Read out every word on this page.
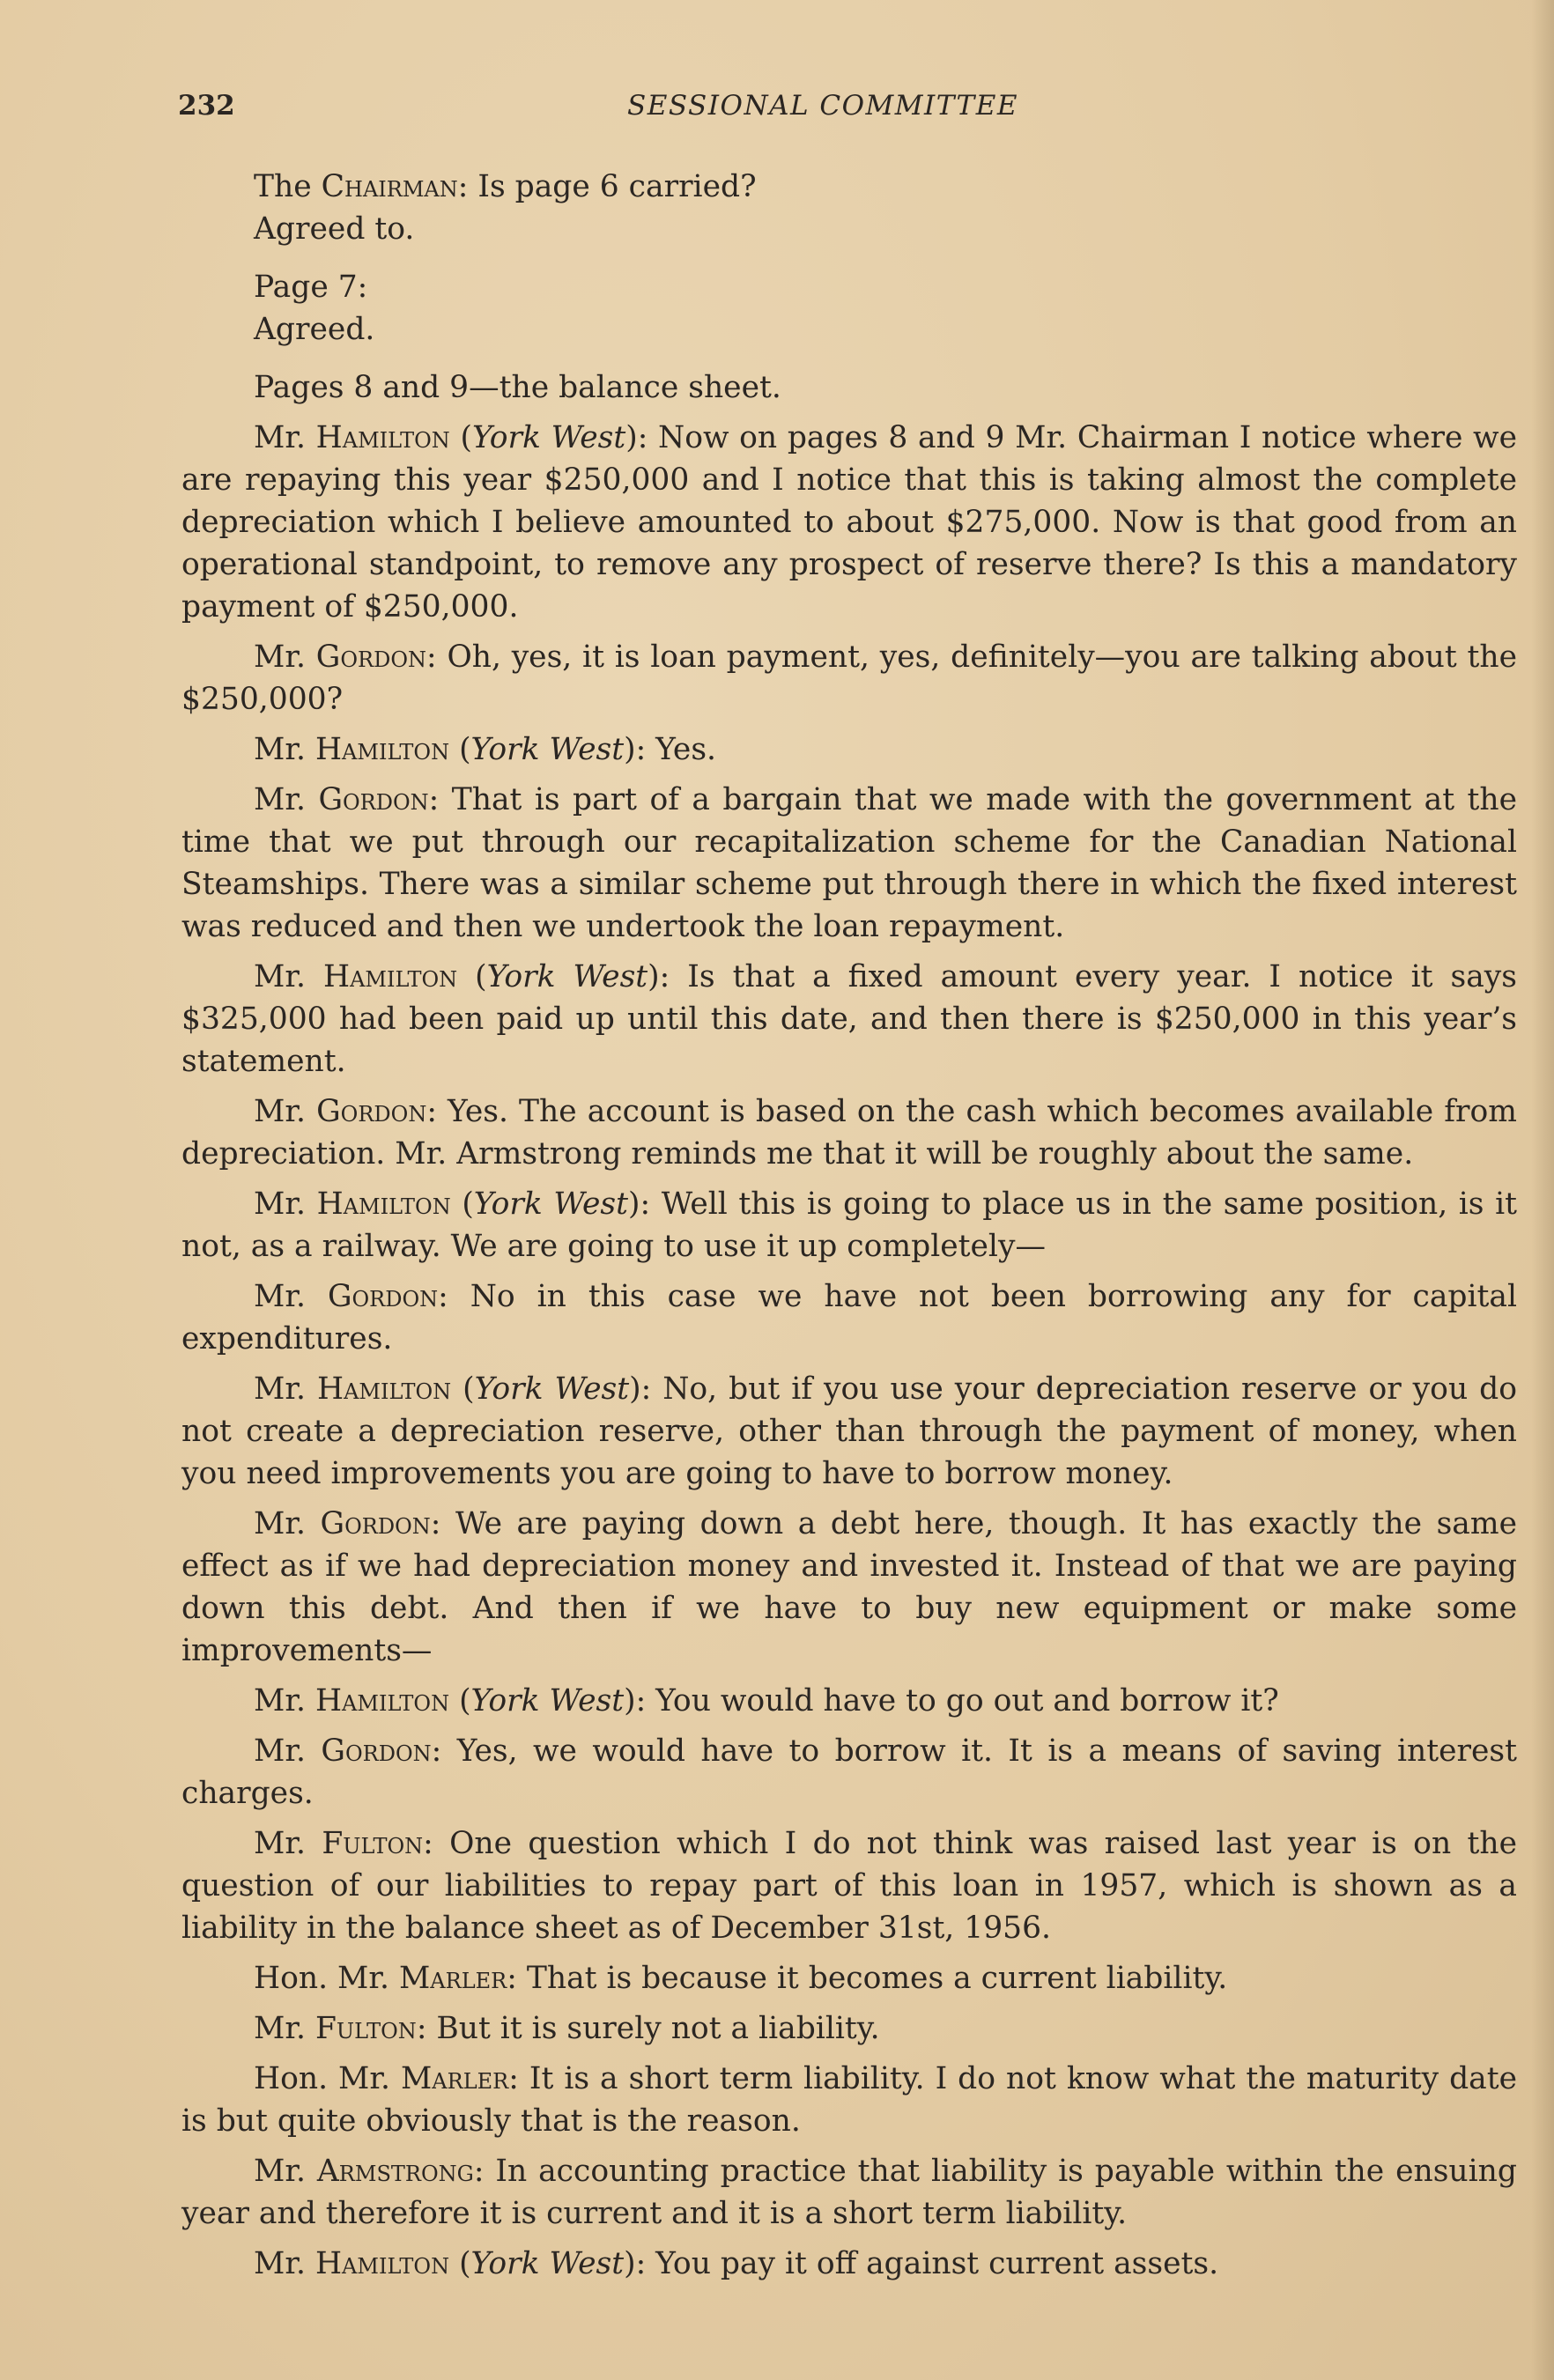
232	SESSIONAL COMMITTEE

The Chairman: Is page 6 carried?

Agreed to.

Page 7:

Agreed.

Pages 8 and 9—the balance sheet.

Mr. Hamilton (York West): Now on pages 8 and 9 Mr. Chairman I notice where we are repaying this year $250,000 and I notice that this is taking almost the complete depreciation which I believe amounted to about $275,000. Now is that good from an operational standpoint, to remove any prospect of reserve there? Is this a mandatory payment of $250,000.

Mr. Gordon: Oh, yes, it is loan payment, yes, definitely—you are talking about the $250,000?

Mr. Hamilton (York West): Yes.

Mr. Gordon: That is part of a bargain that we made with the government at the time that we put through our recapitalization scheme for the Canadian National Steamships. There was a similar scheme put through there in which the fixed interest was reduced and then we undertook the loan repayment.

Mr. Hamilton (York West): Is that a fixed amount every year. I notice it says $325,000 had been paid up until this date, and then there is $250,000 in this year’s statement.

Mr. Gordon: Yes. The account is based on the cash which becomes available from depreciation. Mr. Armstrong reminds me that it will be roughly about the same.

Mr. Hamilton (York West): Well this is going to place us in the same position, is it not, as a railway. We are going to use it up completely—

Mr. Gordon: No in this case we have not been borrowing any for capital expenditures.

Mr. Hamilton (York West): No, but if you use your depreciation reserve or you do not create a depreciation reserve, other than through the payment of money, when you need improvements you are going to have to borrow money.

Mr. Gordon: We are paying down a debt here, though. It has exactly the same effect as if we had depreciation money and invested it. Instead of that we are paying down this debt. And then if we have to buy new equipment or make some improvements—

Mr. Hamilton (York West): You would have to go out and borrow it?

Mr. Gordon: Yes, we would have to borrow it. It is a means of saving interest charges.

Mr. Fulton: One question which I do not think was raised last year is on the question of our liabilities to repay part of this loan in 1957, which is shown as a liability in the balance sheet as of December 31st, 1956.

Hon. Mr. Marler: That is because it becomes a current liability.

Mr. Fulton: But it is surely not a liability.

Hon. Mr. Marler: It is a short term liability. I do not know what the maturity date is but quite obviously that is the reason.

Mr. Armstrong: In accounting practice that liability is payable within the ensuing year and therefore it is current and it is a short term liability.

Mr. Hamilton (York West): You pay it off against current assets.
